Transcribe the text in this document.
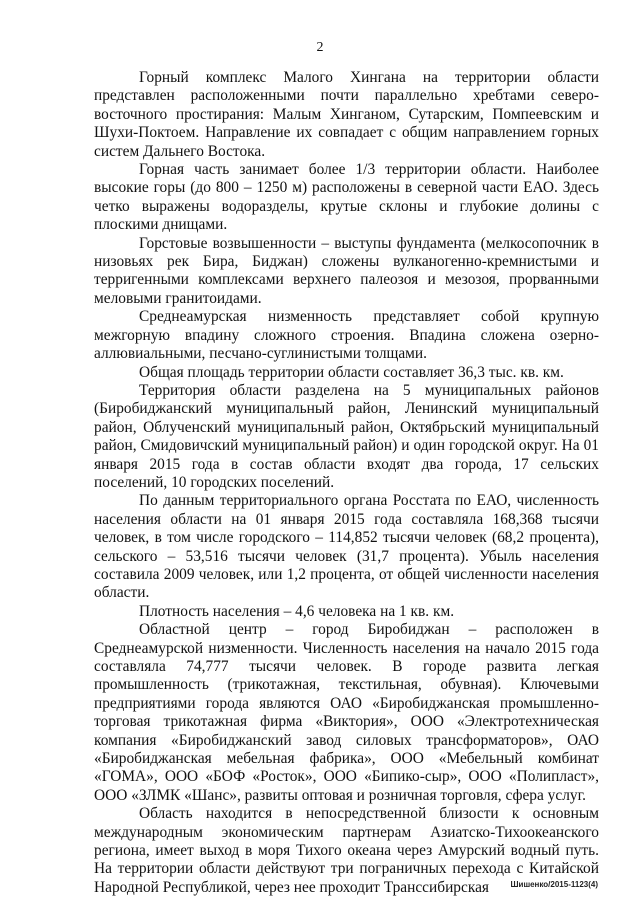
2

Горный комплекс Малого Хингана на территории области представлен расположенными почти параллельно хребтами северо-восточного простирания: Малым Хинганом, Сутарским, Помпеевским и Шухи-Поктоем. Направление их совпадает с общим направлением горных систем Дальнего Востока.

Горная часть занимает более 1/3 территории области. Наиболее высокие горы (до 800 – 1250 м) расположены в северной части ЕАО. Здесь четко выражены водоразделы, крутые склоны и глубокие долины с плоскими днищами.

Горстовые возвышенности – выступы фундамента (мелкосопочник в низовьях рек Бира, Биджан) сложены вулканогенно-кремнистыми и терригенными комплексами верхнего палеозоя и мезозоя, прорванными меловыми гранитоидами.

Среднеамурская низменность представляет собой крупную межгорную впадину сложного строения. Впадина сложена озерно-аллювиальными, песчано-суглинистыми толщами.

Общая площадь территории области составляет 36,3 тыс. кв. км.

Территория области разделена на 5 муниципальных районов (Биробиджанский муниципальный район, Ленинский муниципальный район, Облученский муниципальный район, Октябрьский муниципальный район, Смидовичский муниципальный район) и один городской округ. На 01 января 2015 года в состав области входят два города, 17 сельских поселений, 10 городских поселений.

По данным территориального органа Росстата по ЕАО, численность населения области на 01 января 2015 года составляла 168,368 тысячи человек, в том числе городского – 114,852 тысячи человек (68,2 процента), сельского – 53,516 тысячи человек (31,7 процента). Убыль населения составила 2009 человек, или 1,2 процента, от общей численности населения области.

Плотность населения – 4,6 человека на 1 кв. км.

Областной центр – город Биробиджан – расположен в Среднеамурской низменности. Численность населения на начало 2015 года составляла 74,777 тысячи человек. В городе развита легкая промышленность (трикотажная, текстильная, обувная). Ключевыми предприятиями города являются ОАО «Биробиджанская промышленно-торговая трикотажная фирма «Виктория», ООО «Электротехническая компания «Биробиджанский завод силовых трансформаторов», ОАО «Биробиджанская мебельная фабрика», ООО «Мебельный комбинат «ГОМА», ООО «БОФ «Росток», ООО «Бипико-сыр», ООО «Полипласт», ООО «ЗЛМК «Шанс», развиты оптовая и розничная торговля, сфера услуг.

Область находится в непосредственной близости к основным международным экономическим партнерам Азиатско-Тихоокеанского региона, имеет выход в моря Тихого океана через Амурский водный путь. На территории области действуют три пограничных перехода с Китайской Народной Республикой, через нее проходит Транссибирская	Шишенко/2015-1123(4)
